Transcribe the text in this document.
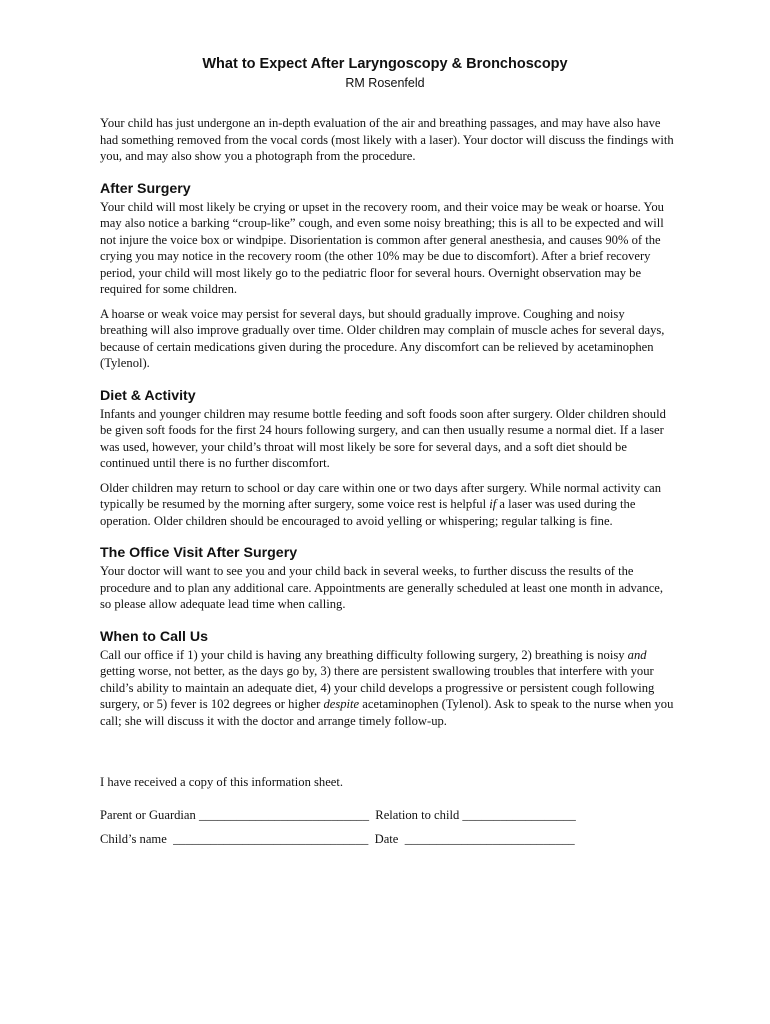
What to Expect After Laryngoscopy & Bronchoscopy
RM Rosenfeld

Your child has just undergone an in-depth evaluation of the air and breathing passages, and may have also have had something removed from the vocal cords (most likely with a laser). Your doctor will discuss the findings with you, and may also show you a photograph from the procedure.

After Surgery

Your child will most likely be crying or upset in the recovery room, and their voice may be weak or hoarse. You may also notice a barking “croup-like” cough, and even some noisy breathing; this is all to be expected and will not injure the voice box or windpipe. Disorientation is common after general anesthesia, and causes 90% of the crying you may notice in the recovery room (the other 10% may be due to discomfort). After a brief recovery period, your child will most likely go to the pediatric floor for several hours. Overnight observation may be required for some children.

A hoarse or weak voice may persist for several days, but should gradually improve. Coughing and noisy breathing will also improve gradually over time. Older children may complain of muscle aches for several days, because of certain medications given during the procedure. Any discomfort can be relieved by acetaminophen (Tylenol).

Diet & Activity

Infants and younger children may resume bottle feeding and soft foods soon after surgery. Older children should be given soft foods for the first 24 hours following surgery, and can then usually resume a normal diet. If a laser was used, however, your child’s throat will most likely be sore for several days, and a soft diet should be continued until there is no further discomfort.

Older children may return to school or day care within one or two days after surgery. While normal activity can typically be resumed by the morning after surgery, some voice rest is helpful if a laser was used during the operation. Older children should be encouraged to avoid yelling or whispering; regular talking is fine.

The Office Visit After Surgery

Your doctor will want to see you and your child back in several weeks, to further discuss the results of the procedure and to plan any additional care. Appointments are generally scheduled at least one month in advance, so please allow adequate lead time when calling.

When to Call Us

Call our office if 1) your child is having any breathing difficulty following surgery, 2) breathing is noisy and getting worse, not better, as the days go by, 3) there are persistent swallowing troubles that interfere with your child’s ability to maintain an adequate diet, 4) your child develops a progressive or persistent cough following surgery, or 5) fever is 102 degrees or higher despite acetaminophen (Tylenol). Ask to speak to the nurse when you call; she will discuss it with the doctor and arrange timely follow-up.

I have received a copy of this information sheet.
Parent or Guardian ___________________________ Relation to child __________________
Child’s name _______________________________ Date ___________________________
